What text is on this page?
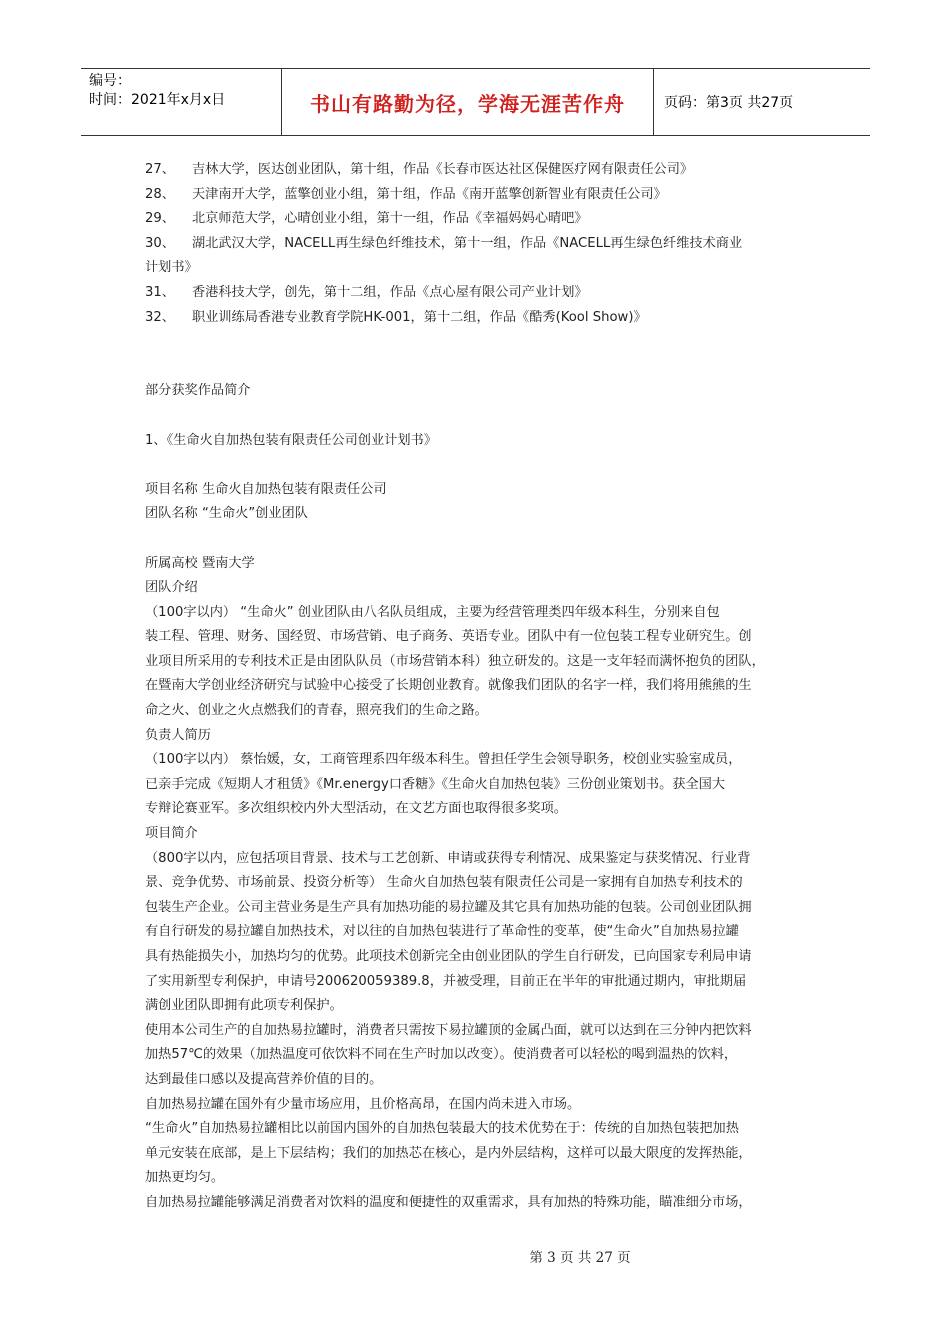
编号：
时间：2021年x月x日	书山有路勤为径，学海无涯苦作舟	页码：第3页 共27页
27、 吉林大学，医达创业团队，第十组，作品《长春市医达社区保健医疗网有限责任公司》
28、 天津南开大学，蓝擎创业小组，第十组，作品《南开蓝擎创新智业有限责任公司》
29、 北京师范大学，心晴创业小组，第十一组，作品《幸福妈妈心晴吧》
30、 湖北武汉大学，NACELL再生绿色纤维技术，第十一组，作品《NACELL再生绿色纤维技术商业
计划书》
31、 香港科技大学，创先，第十二组，作品《点心屋有限公司产业计划》
32、 职业训练局香港专业教育学院HK-001，第十二组，作品《酷秀(Kool Show)》
部分获奖作品简介
1、《生命火自加热包装有限责任公司创业计划书》
项目名称 生命火自加热包装有限责任公司
团队名称 “生命火”创业团队
所属高校 暨南大学
团队介绍
（100字以内） “生命火” 创业团队由八名队员组成，主要为经营管理类四年级本科生，分别来自包
装工程、管理、财务、国经贸、市场营销、电子商务、英语专业。团队中有一位包装工程专业研究生。创
业项目所采用的专利技术正是由团队队员（市场营销本科）独立研发的。这是一支年轻而满怀抱负的团队，
在暨南大学创业经济研究与试验中心接受了长期创业教育。就像我们团队的名字一样，我们将用熊熊的生
命之火、创业之火点燃我们的青春，照亮我们的生命之路。
负责人简历
（100字以内） 蔡怡媛，女，工商管理系四年级本科生。曾担任学生会领导职务，校创业实验室成员，
已亲手完成《短期人才租赁》《Mr.energy口香糖》《生命火自加热包装》三份创业策划书。获全国大
专辩论赛亚军。多次组织校内外大型活动，在文艺方面也取得很多奖项。
项目简介
（800字以内，应包括项目背景、技术与工艺创新、申请或获得专利情况、成果鉴定与获奖情况、行业背
景、竞争优势、市场前景、投资分析等） 生命火自加热包装有限责任公司是一家拥有自加热专利技术的
包装生产企业。公司主营业务是生产具有加热功能的易拉罐及其它具有加热功能的包装。公司创业团队拥
有自行研发的易拉罐自加热技术，对以往的自加热包装进行了革命性的变革，使“生命火”自加热易拉罐
具有热能损失小，加热均匀的优势。此项技术创新完全由创业团队的学生自行研发，已向国家专利局申请
了实用新型专利保护，申请号200620059389.8，并被受理，目前正在半年的审批通过期内，审批期届
满创业团队即拥有此项专利保护。
使用本公司生产的自加热易拉罐时，消费者只需按下易拉罐顶的金属凸面，就可以达到在三分钟内把饮料
加热57℃的效果（加热温度可依饮料不同在生产时加以改变）。使消费者可以轻松的喝到温热的饮料，
达到最佳口感以及提高营养价值的目的。
自加热易拉罐在国外有少量市场应用，且价格高昂，在国内尚未进入市场。
“生命火”自加热易拉罐相比以前国内国外的自加热包装最大的技术优势在于：传统的自加热包装把加热
单元安装在底部，是上下层结构；我们的加热芯在核心，是内外层结构，这样可以最大限度的发挥热能，
加热更均匀。
自加热易拉罐能够满足消费者对饮料的温度和便捷性的双重需求，具有加热的特殊功能，瞄准细分市场，
第 3 页 共 27 页
